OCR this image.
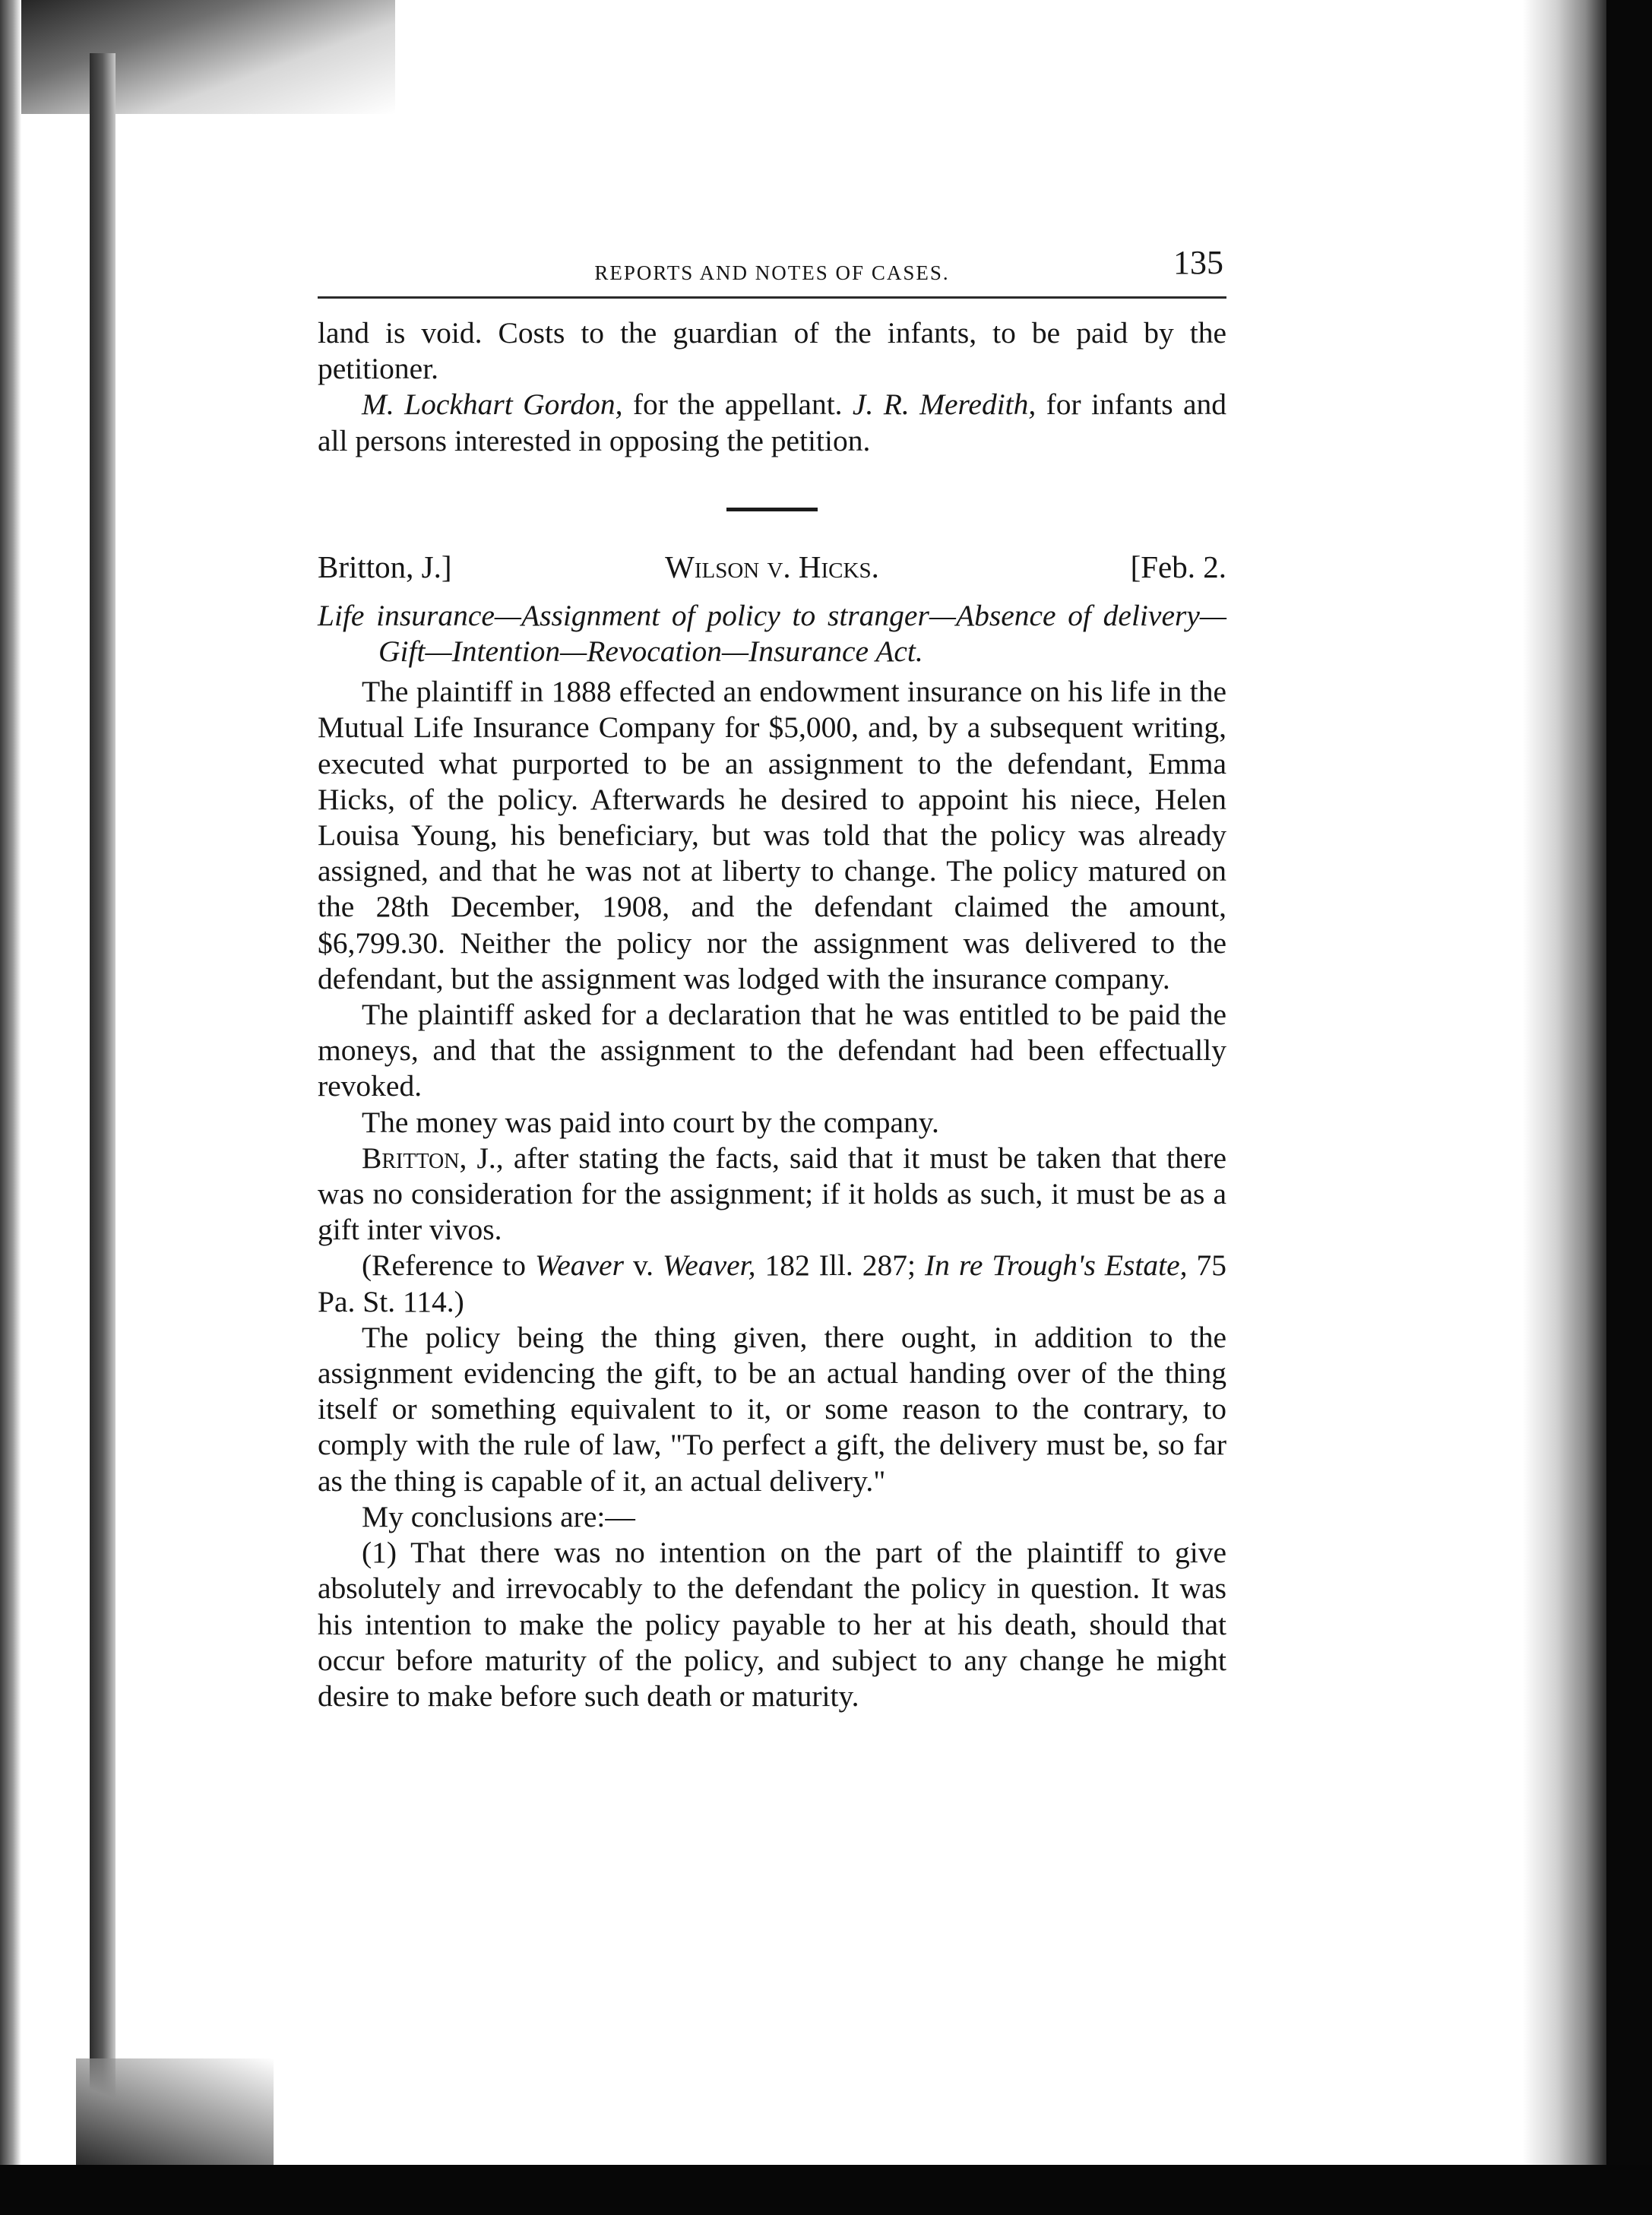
REPORTS AND NOTES OF CASES.	135

land is void. Costs to the guardian of the infants, to be paid by the petitioner.

M. Lockhart Gordon, for the appellant. J. R. Meredith, for infants and all persons interested in opposing the petition.

Britton, J.]	Wilson v. Hicks.	[Feb. 2.

Life insurance—Assignment of policy to stranger—Absence of delivery—Gift—Intention—Revocation—Insurance Act.

The plaintiff in 1888 effected an endowment insurance on his life in the Mutual Life Insurance Company for $5,000, and, by a subsequent writing, executed what purported to be an assignment to the defendant, Emma Hicks, of the policy. Afterwards he desired to appoint his niece, Helen Louisa Young, his beneficiary, but was told that the policy was already assigned, and that he was not at liberty to change. The policy matured on the 28th December, 1908, and the defendant claimed the amount, $6,799.30. Neither the policy nor the assignment was delivered to the defendant, but the assignment was lodged with the insurance company.

The plaintiff asked for a declaration that he was entitled to be paid the moneys, and that the assignment to the defendant had been effectually revoked.

The money was paid into court by the company.

Britton, J., after stating the facts, said that it must be taken that there was no consideration for the assignment; if it holds as such, it must be as a gift inter vivos.

(Reference to Weaver v. Weaver, 182 Ill. 287; In re Trough's Estate, 75 Pa. St. 114.)

The policy being the thing given, there ought, in addition to the assignment evidencing the gift, to be an actual handing over of the thing itself or something equivalent to it, or some reason to the contrary, to comply with the rule of law, "To perfect a gift, the delivery must be, so far as the thing is capable of it, an actual delivery."

My conclusions are:—

(1) That there was no intention on the part of the plaintiff to give absolutely and irrevocably to the defendant the policy in question. It was his intention to make the policy payable to her at his death, should that occur before maturity of the policy, and subject to any change he might desire to make before such death or maturity.
